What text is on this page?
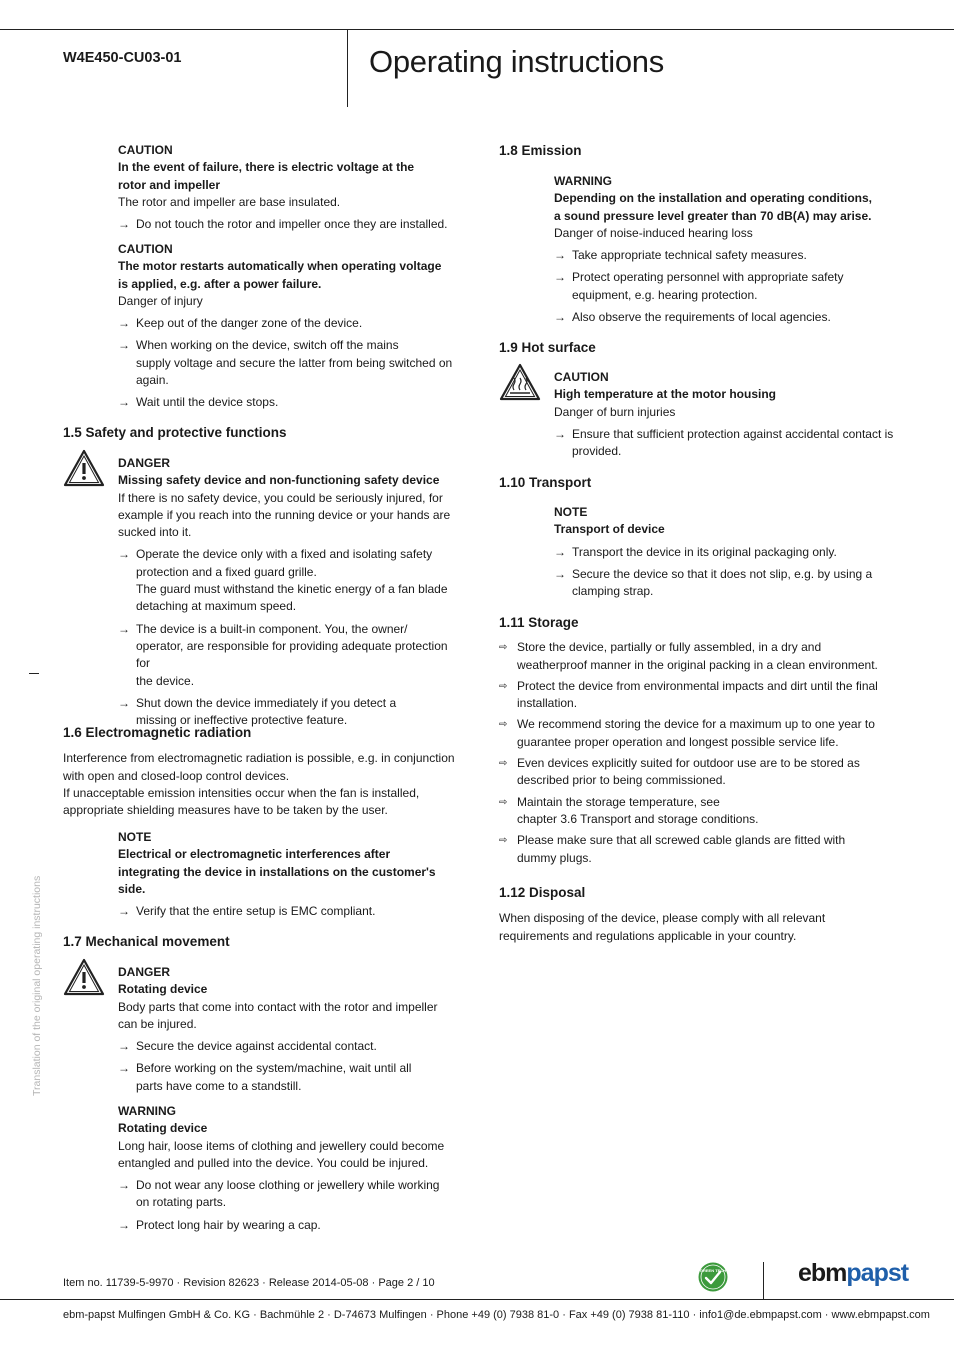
W4E450-CU03-01	Operating instructions
Translation of the original operating instructions

CAUTION

In the event of failure, there is electric voltage at the

rotor and impeller

The rotor and impeller are base insulated.

→ Do not touch the rotor and impeller once they are installed.

CAUTION

The motor restarts automatically when operating voltage

is applied, e.g. after a power failure.

Danger of injury

→ Keep out of the danger zone of the device.

→ When working on the device, switch off the mains
supply voltage and secure the latter from being switched on
again.

→ Wait until the device stops.

1.5 Safety and protective functions

DANGER

Missing safety device and non-functioning safety device

If there is no safety device, you could be seriously injured, for

example if you reach into the running device or your hands are

sucked into it.

→ Operate the device only with a fixed and isolating safety
protection and a fixed guard grille.
The guard must withstand the kinetic energy of a fan blade
detaching at maximum speed.

→ The device is a built-in component. You, the owner/
operator, are responsible for providing adequate protection for
the device.

→ Shut down the device immediately if you detect a
missing or ineffective protective feature.

1.6 Electromagnetic radiation

Interference from electromagnetic radiation is possible, e.g. in conjunction

with open and closed-loop control devices.

If unacceptable emission intensities occur when the fan is installed,

appropriate shielding measures have to be taken by the user.

NOTE

Electrical or electromagnetic interferences after

integrating the device in installations on the customer's

side.

→ Verify that the entire setup is EMC compliant.

1.7 Mechanical movement

DANGER

Rotating device

Body parts that come into contact with the rotor and impeller

can be injured.

→ Secure the device against accidental contact.

→ Before working on the system/machine, wait until all
parts have come to a standstill.

WARNING

Rotating device

Long hair, loose items of clothing and jewellery could become

entangled and pulled into the device. You could be injured.

→ Do not wear any loose clothing or jewellery while working
on rotating parts.

→ Protect long hair by wearing a cap.

1.8 Emission

WARNING

Depending on the installation and operating conditions,

a sound pressure level greater than 70 dB(A) may arise.

Danger of noise-induced hearing loss

→ Take appropriate technical safety measures.

→ Protect operating personnel with appropriate safety
equipment, e.g. hearing protection.

→ Also observe the requirements of local agencies.

1.9 Hot surface

CAUTION

High temperature at the motor housing

Danger of burn injuries

→ Ensure that sufficient protection against accidental contact is
provided.

1.10 Transport

NOTE

Transport of device

→ Transport the device in its original packaging only.

→ Secure the device so that it does not slip, e.g. by using a
clamping strap.

1.11 Storage

⇨ Store the device, partially or fully assembled, in a dry and
weatherproof manner in the original packing in a clean environment.

⇨ Protect the device from environmental impacts and dirt until the final
installation.

⇨ We recommend storing the device for a maximum up to one year to
guarantee proper operation and longest possible service life.

⇨ Even devices explicitly suited for outdoor use are to be stored as
described prior to being commissioned.

⇨ Maintain the storage temperature, see
chapter 3.6 Transport and storage conditions.

⇨ Please make sure that all screwed cable glands are fitted with
dummy plugs.

1.12 Disposal

When disposing of the device, please comply with all relevant

requirements and regulations applicable in your country.

Item no. 11739-5-9970 · Revision 82623 · Release 2014-05-08 · Page 2 / 10
GREEN TECH	ebmpapst
ebm-papst Mulfingen GmbH & Co. KG · Bachmühle 2 · D-74673 Mulfingen · Phone +49 (0) 7938 81-0 · Fax +49 (0) 7938 81-110 · info1@de.ebmpapst.com · www.ebmpapst.com
